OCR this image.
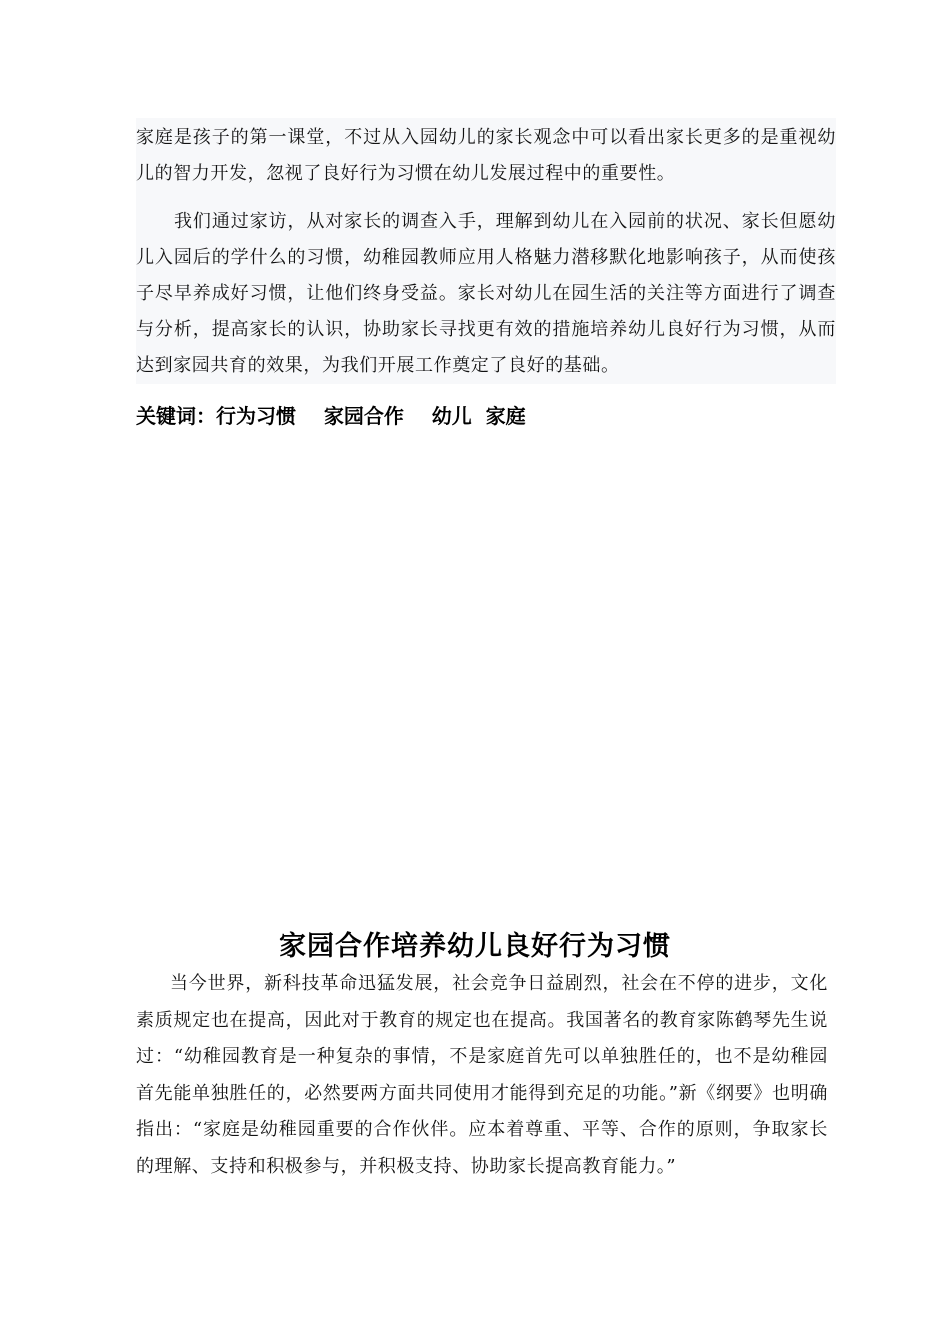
家庭是孩子的第一课堂，不过从入园幼儿的家长观念中可以看出家长更多的是重视幼儿的智力开发，忽视了良好行为习惯在幼儿发展过程中的重要性。

我们通过家访，从对家长的调查入手，理解到幼儿在入园前的状况、家长但愿幼儿入园后的学什么的习惯，幼稚园教师应用人格魅力潜移默化地影响孩子，从而使孩子尽早养成好习惯，让他们终身受益。家长对幼儿在园生活的关注等方面进行了调查与分析，提高家长的认识，协助家长寻找更有效的措施培养幼儿良好行为习惯，从而达到家园共育的效果，为我们开展工作奠定了良好的基础。

关键词：行为习惯    家园合作    幼儿  家庭
家园合作培养幼儿良好行为习惯

当今世界，新科技革命迅猛发展，社会竞争日益剧烈，社会在不停的进步，文化素质规定也在提高，因此对于教育的规定也在提高。我国著名的教育家陈鹤琴先生说过：“幼稚园教育是一种复杂的事情，不是家庭首先可以单独胜任的，也不是幼稚园首先能单独胜任的，必然要两方面共同使用才能得到充足的功能。”新《纲要》也明确指出：“家庭是幼稚园重要的合作伙伴。应本着尊重、平等、合作的原则，争取家长的理解、支持和积极参与，并积极支持、协助家长提高教育能力。”
